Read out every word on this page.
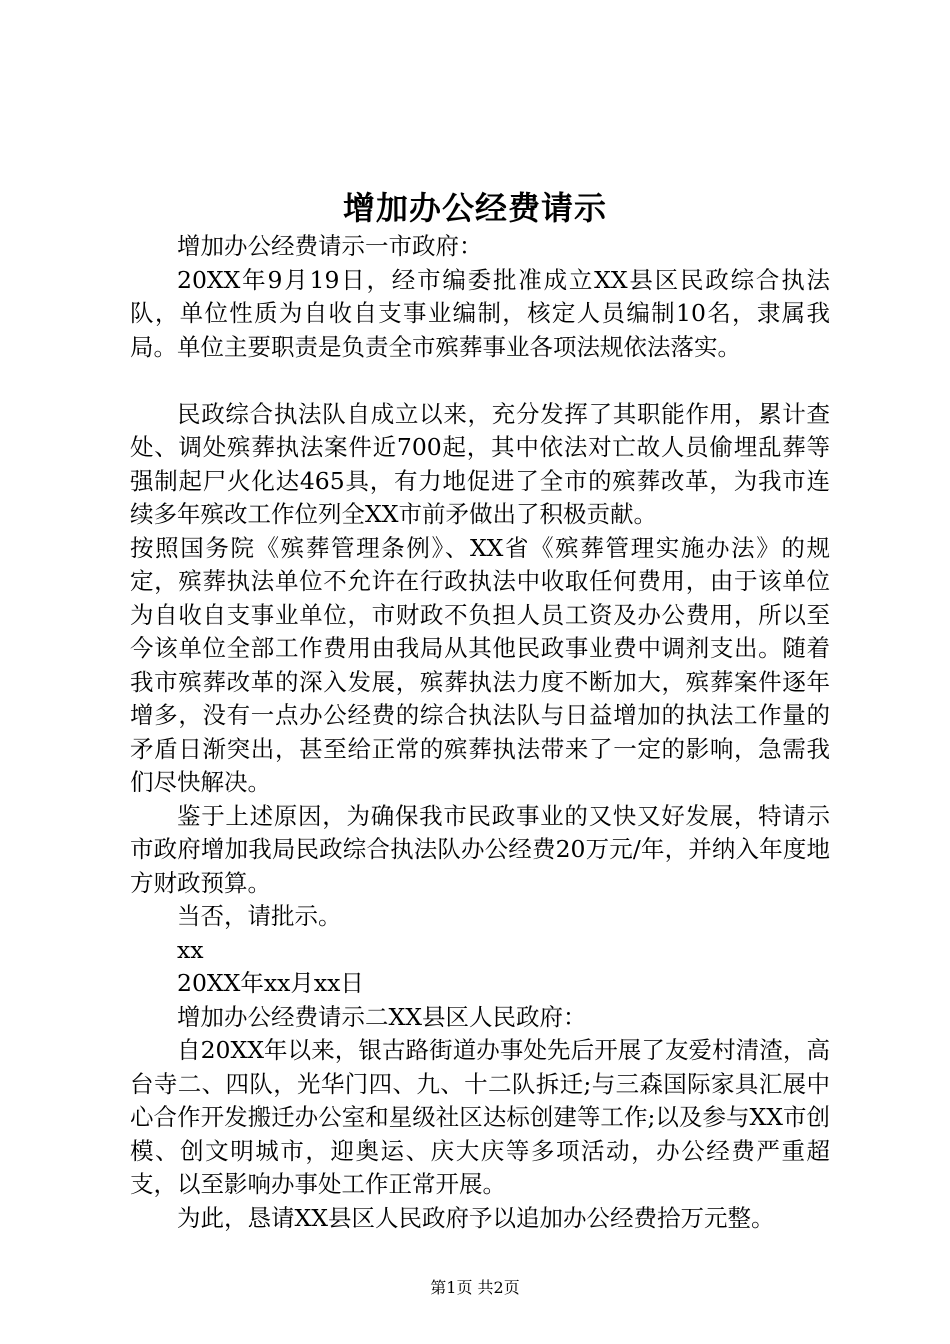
增加办公经费请示

增加办公经费请示一市政府：

20XX年9月19日，经市编委批准成立XX县区民政综合执法队，单位性质为自收自支事业编制，核定人员编制10名，隶属我局。单位主要职责是负责全市殡葬事业各项法规依法落实。

民政综合执法队自成立以来，充分发挥了其职能作用，累计查处、调处殡葬执法案件近700起，其中依法对亡故人员偷埋乱葬等强制起尸火化达465具，有力地促进了全市的殡葬改革，为我市连续多年殡改工作位列全XX市前矛做出了积极贡献。

按照国务院《殡葬管理条例》、XX省《殡葬管理实施办法》的规定，殡葬执法单位不允许在行政执法中收取任何费用，由于该单位为自收自支事业单位，市财政不负担人员工资及办公费用，所以至今该单位全部工作费用由我局从其他民政事业费中调剂支出。随着我市殡葬改革的深入发展，殡葬执法力度不断加大，殡葬案件逐年增多，没有一点办公经费的综合执法队与日益增加的执法工作量的矛盾日渐突出，甚至给正常的殡葬执法带来了一定的影响，急需我们尽快解决。

鉴于上述原因，为确保我市民政事业的又快又好发展，特请示市政府增加我局民政综合执法队办公经费20万元/年，并纳入年度地方财政预算。

当否，请批示。

xx

20XX年xx月xx日

增加办公经费请示二XX县区人民政府：

自20XX年以来，银古路街道办事处先后开展了友爱村清渣，高台寺二、四队，光华门四、九、十二队拆迁;与三森国际家具汇展中心合作开发搬迁办公室和星级社区达标创建等工作;以及参与XX市创模、创文明城市，迎奥运、庆大庆等多项活动，办公经费严重超支，以至影响办事处工作正常开展。

为此，恳请XX县区人民政府予以追加办公经费拾万元整。

第1页 共2页
